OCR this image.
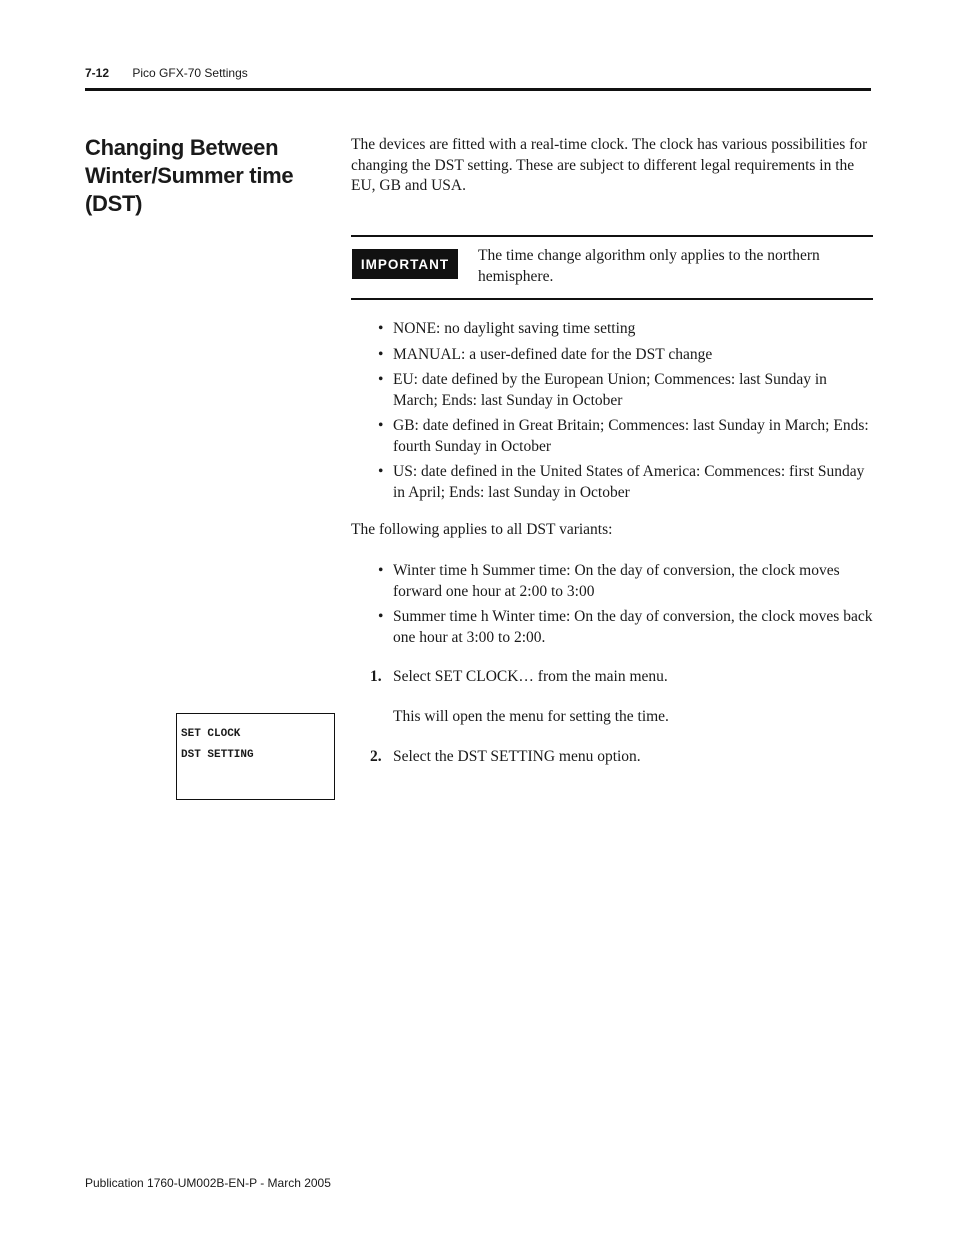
7-12 Pico GFX-70 Settings
Changing Between
Winter/Summer time (DST)
The devices are fitted with a real-time clock. The clock has various possibilities for changing the DST setting. These are subject to different legal requirements in the EU, GB and USA.
IMPORTANT	The time change algorithm only applies to the northern hemisphere.
• NONE: no daylight saving time setting
• MANUAL: a user-defined date for the DST change
• EU: date defined by the European Union; Commences: last Sunday in March; Ends: last Sunday in October
• GB: date defined in Great Britain; Commences: last Sunday in March; Ends: fourth Sunday in October
• US: date defined in the United States of America: Commences: first Sunday in April; Ends: last Sunday in October
The following applies to all DST variants:
• Winter time h Summer time: On the day of conversion, the clock moves forward one hour at 2:00 to 3:00
• Summer time h Winter time: On the day of conversion, the clock moves back one hour at 3:00 to 2:00.
1. Select SET CLOCK… from the main menu.
This will open the menu for setting the time.
2. Select the DST SETTING menu option.
SET CLOCK
DST SETTING
Publication 1760-UM002B-EN-P - March 2005
